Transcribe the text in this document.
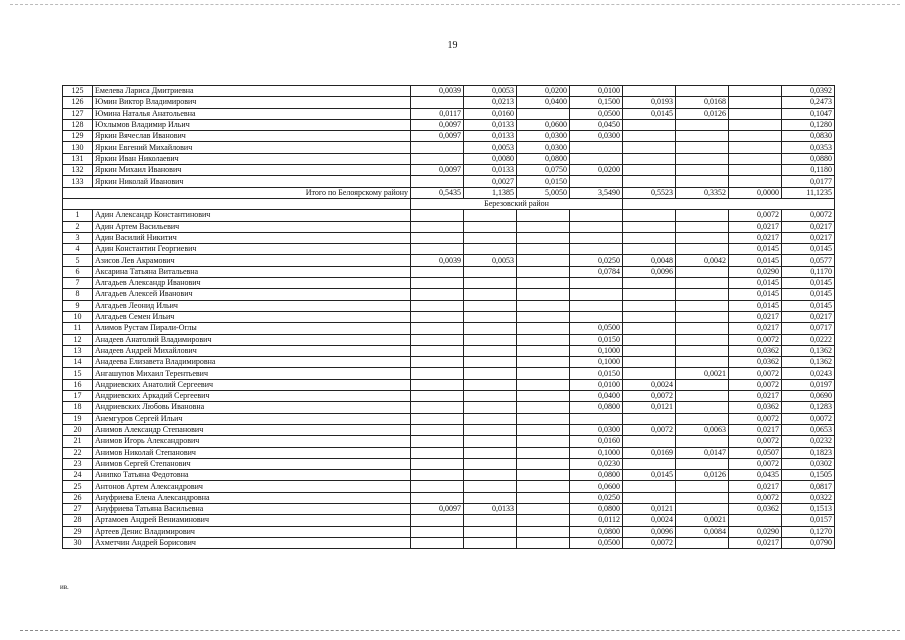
19
125	Емелева Лариса Дмитриевна	0,0039	0,0053	0,0200	0,0100				0,0392
126	Юмин Виктор Владимирович		0,0213	0,0400	0,1500	0,0193	0,0168		0,2473
127	Юмина Наталья Анатольевна	0,0117	0,0160		0,0500	0,0145	0,0126		0,1047
128	Юхлымов Владимир Ильич	0,0097	0,0133	0,0600	0,0450				0,1280
129	Яркин Вячеслав Иванович	0,0097	0,0133	0,0300	0,0300				0,0830
130	Яркин Евгений Михайлович		0,0053	0,0300					0,0353
131	Яркин Иван Николаевич		0,0080	0,0800					0,0880
132	Яркин Михаил Иванович	0,0097	0,0133	0,0750	0,0200				0,1180
133	Яркин Николай Иванович		0,0027	0,0150					0,0177
Итого по Белоярскому району		0,5435	1,1385	5,0050	3,5490	0,5523	0,3352	0,0000	11,1235
		Березовский район							
1	Адин Александр Константинович							0,0072	0,0072
2	Адин Артем Васильевич							0,0217	0,0217
3	Адин Василий Никитич							0,0217	0,0217
4	Адин Константин Георгиевич							0,0145	0,0145
5	Азисов Лев Акрамович	0,0039	0,0053		0,0250	0,0048	0,0042	0,0145	0,0577
6	Аксарина Татьяна Витальевна				0,0784	0,0096		0,0290	0,1170
7	Алгадьев Александр Иванович							0,0145	0,0145
8	Алгадьев Алексей Иванович							0,0145	0,0145
9	Алгадьев Леонид Ильич							0,0145	0,0145
10	Алгадьев Семен Ильич							0,0217	0,0217
11	Алимов Рустам Пирали-Оглы				0,0500			0,0217	0,0717
12	Анадеев Анатолий Владимирович				0,0150			0,0072	0,0222
13	Анадеев Андрей Михайлович				0,1000			0,0362	0,1362
14	Анадеева Елизавета Владимировна				0,1000			0,0362	0,1362
15	Ангашупов Михаил Терентьевич				0,0150		0,0021	0,0072	0,0243
16	Андриевских Анатолий Сергеевич				0,0100	0,0024		0,0072	0,0197
17	Андриевских Аркадий Сергеевич				0,0400	0,0072		0,0217	0,0690
18	Андриевских Любовь Ивановна				0,0800	0,0121		0,0362	0,1283
19	Анемгуров Сергей Ильич							0,0072	0,0072
20	Анимов Александр Степанович				0,0300	0,0072	0,0063	0,0217	0,0653
21	Анимов Игорь Александрович				0,0160			0,0072	0,0232
22	Анимов Николай Степанович				0,1000	0,0169	0,0147	0,0507	0,1823
23	Анимов Сергей Степанович				0,0230			0,0072	0,0302
24	Анипко Татьяна Федотовна				0,0800	0,0145	0,0126	0,0435	0,1505
25	Антонов Артем Александрович				0,0600			0,0217	0,0817
26	Ануфриева Елена Александровна				0,0250			0,0072	0,0322
27	Ануфриева Татьяна Васильевна	0,0097	0,0133		0,0800	0,0121		0,0362	0,1513
28	Артамоев Андрей Вениаминович				0,0112	0,0024	0,0021		0,0157
29	Артеев Денис Владимирович				0,0800	0,0096	0,0084	0,0290	0,1270
30	Ахметчин Андрей Борисович				0,0500	0,0072		0,0217	0,0790
ив.
